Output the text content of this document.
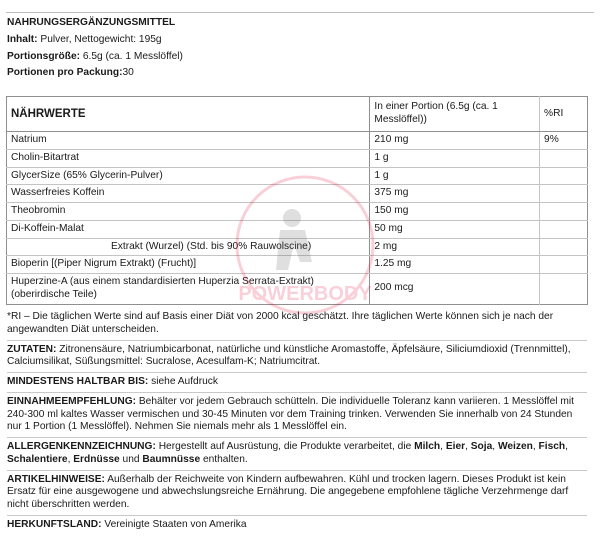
NAHRUNGSERGÄNZUNGSMITTEL
Inhalt: Pulver, Nettogewicht: 195g
Portionsgröße: 6.5g (ca. 1 Messlöffel)
Portionen pro Packung:30
NÄHRWERTE	In einer Portion (6.5g (ca. 1 Messlöffel))	%RI
Natrium	210 mg	9%
Cholin-Bitartrat	1 g	
GlycerSize (65% Glycerin-Pulver)	1 g	
Wasserfreies Koffein	375 mg	
Theobromin	150 mg	
Di-Koffein-Malat	50 mg	
Extrakt (Wurzel) (Std. bis 90% Rauwolscine)	2 mg	
Bioperin [(Piper Nigrum Extrakt) (Frucht)]	1.25 mg	
Huperzine-A (aus einem standardisierten Huperzia Serrata-Extrakt) (oberirdische Teile)	200 mcg	
POWERBODY

*RI – Die täglichen Werte sind auf Basis einer Diät von 2000 kcal geschätzt. Ihre täglichen Werte können sich je nach der angewandten Diät unterscheiden.

ZUTATEN: Zitronensäure, Natriumbicarbonat, natürliche und künstliche Aromastoffe, Äpfelsäure, Siliciumdioxid (Trennmittel), Calciumsilikat, Süßungsmittel: Sucralose, Acesulfam-K; Natriumcitrat.

MINDESTENS HALTBAR BIS: siehe Aufdruck

EINNAHMEEMPFEHLUNG: Behälter vor jedem Gebrauch schütteln. Die individuelle Toleranz kann variieren. 1 Messlöffel mit 240-300 ml kaltes Wasser vermischen und 30-45 Minuten vor dem Training trinken. Verwenden Sie innerhalb von 24 Stunden nur 1 Portion (1 Messlöffel). Nehmen Sie niemals mehr als 1 Messlöffel ein.

ALLERGENKENNZEICHNUNG: Hergestellt auf Ausrüstung, die Produkte verarbeitet, die Milch, Eier, Soja, Weizen, Fisch, Schalentiere, Erdnüsse und Baumnüsse enthalten.

ARTIKELHINWEISE: Außerhalb der Reichweite von Kindern aufbewahren. Kühl und trocken lagern. Dieses Produkt ist kein Ersatz für eine ausgewogene und abwechslungsreiche Ernährung. Die angegebene empfohlene tägliche Verzehrmenge darf nicht überschritten werden.

HERKUNFTSLAND: Vereinigte Staaten von Amerika
